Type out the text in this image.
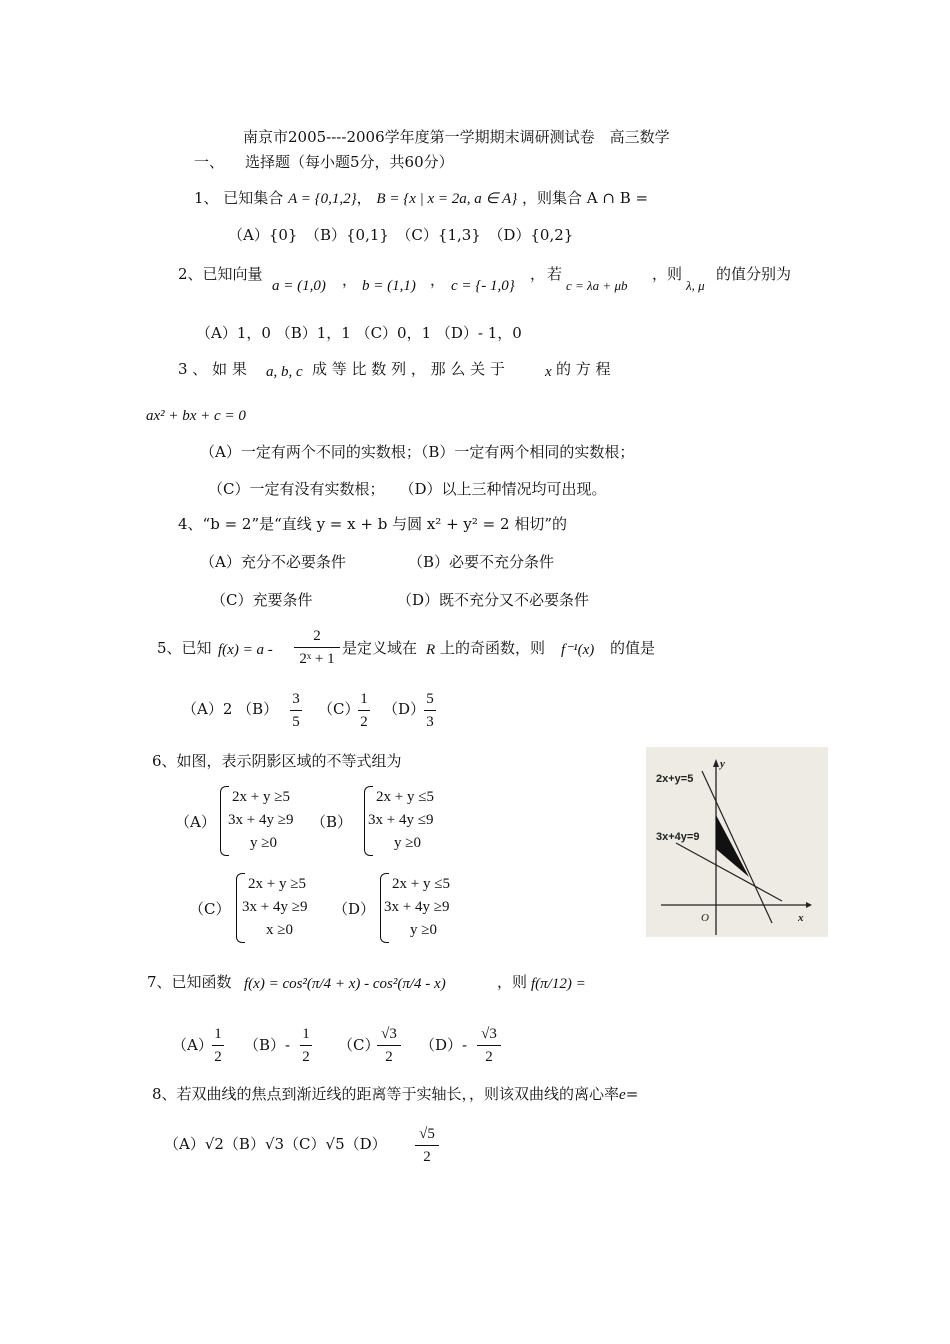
南京市2005----2006学年度第一学期期末调研测试卷　高三数学
一、 选择题（每小题5分，共60分）
1、 已知集合 A = {0,1,2}， B = {x | x = 2a, a ∈ A} ，则集合 A ∩ B =
（A）{0}　（B）{0,1}　（C）{1,3}　（D）{0,2}
2、已知向量
a = (1,0) ， b = (1,1) ， c = {- 1,0}
， 若
c = λa + μb
，则
λ, μ
的值分别为
（A）1，0 （B）1，1 （C）0，1 （D）- 1，0
3 、 如 果 a, b, c 成 等 比 数 列 ， 那 么 关 于	x 的 方 程
ax² + bx + c = 0
（A）一定有两个不同的实数根；（B）一定有两个相同的实数根；
（C）一定有没有实数根；　　（D）以上三种情况均可出现。
4、“b = 2”是“直线 y = x + b 与圆 x² + y² = 2 相切”的
（A）充分不必要条件	（B）必要不充分条件
（C）充要条件	（D）既不充分又不必要条件
5、已知 f(x) = a -
2
2ˣ + 1
是定义域在 R 上的奇函数，则 f⁻¹(x) 的值是
（A）2 （B）
3
5
（C）
1
2
（D）
5
3
6、如图，表示阴影区域的不等式组为
（A）
2x + y ≥5
3x + 4y ≥9
y ≥0
（B）
2x + y ≤5
3x + 4y ≤9
y ≥0
（C）
2x + y ≥5
3x + 4y ≥9
x ≥0
（D）
2x + y ≤5
3x + 4y ≥9
y ≥0
2x+y=5
3x+4y=9
y
x
O
7、已知函数 f(x) = cos²(π/4 + x) - cos²(π/4 - x)	，则 f(π/12) =
（A）
1
2
（B）-
1
2
（C）
√3
2
（D）-
√3
2
8、若双曲线的焦点到渐近线的距离等于实轴长，，则该双曲线的离心率e=
（A）√2（B）√3（C）√5（D）
√5
2
